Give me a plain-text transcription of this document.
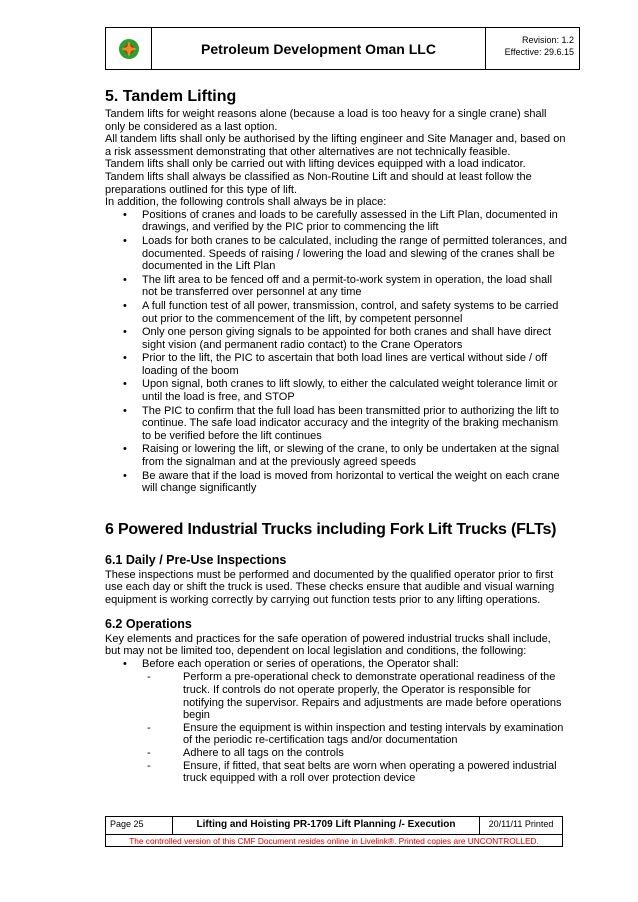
Petroleum Development Oman LLC
Revision: 1.2
Effective: 29.6.15
5. Tandem Lifting

Tandem lifts for weight reasons alone (because a load is too heavy for a single crane) shall only be considered as a last option.

All tandem lifts shall only be authorised by the lifting engineer and Site Manager and, based on a risk assessment demonstrating that other alternatives are not technically feasible.

Tandem lifts shall only be carried out with lifting devices equipped with a load indicator.

Tandem lifts shall always be classified as Non-Routine Lift and should at least follow the preparations outlined for this type of lift.

In addition, the following controls shall always be in place:

• Positions of cranes and loads to be carefully assessed in the Lift Plan, documented in drawings, and verified by the PIC prior to commencing the lift
• Loads for both cranes to be calculated, including the range of permitted tolerances, and documented. Speeds of raising / lowering the load and slewing of the cranes shall be documented in the Lift Plan
• The lift area to be fenced off and a permit-to-work system in operation, the load shall not be transferred over personnel at any time
• A full function test of all power, transmission, control, and safety systems to be carried out prior to the commencement of the lift, by competent personnel
• Only one person giving signals to be appointed for both cranes and shall have direct sight vision (and permanent radio contact) to the Crane Operators
• Prior to the lift, the PIC to ascertain that both load lines are vertical without side / off loading of the boom
• Upon signal, both cranes to lift slowly, to either the calculated weight tolerance limit or until the load is free, and STOP
• The PIC to confirm that the full load has been transmitted prior to authorizing the lift to continue. The safe load indicator accuracy and the integrity of the braking mechanism to be verified before the lift continues
• Raising or lowering the lift, or slewing of the crane, to only be undertaken at the signal from the signalman and at the previously agreed speeds
• Be aware that if the load is moved from horizontal to vertical the weight on each crane will change significantly
6 Powered Industrial Trucks including Fork Lift Trucks (FLTs)
6.1 Daily / Pre-Use Inspections

These inspections must be performed and documented by the qualified operator prior to first use each day or shift the truck is used. These checks ensure that audible and visual warning equipment is working correctly by carrying out function tests prior to any lifting operations.

6.2 Operations

Key elements and practices for the safe operation of powered industrial trucks shall include, but may not be limited too, dependent on local legislation and conditions, the following:

• Before each operation or series of operations, the Operator shall:
- Perform a pre-operational check to demonstrate operational readiness of the truck. If controls do not operate properly, the Operator is responsible for notifying the supervisor. Repairs and adjustments are made before operations begin
- Ensure the equipment is within inspection and testing intervals by examination of the periodic re-certification tags and/or documentation
- Adhere to all tags on the controls
- Ensure, if fitted, that seat belts are worn when operating a powered industrial truck equipped with a roll over protection device
Page 25	Lifting and Hoisting PR-1709 Lift Planning /- Execution	20/11/11 Printed
The controlled version of this CMF Document resides online in Livelink®. Printed copies are UNCONTROLLED.
